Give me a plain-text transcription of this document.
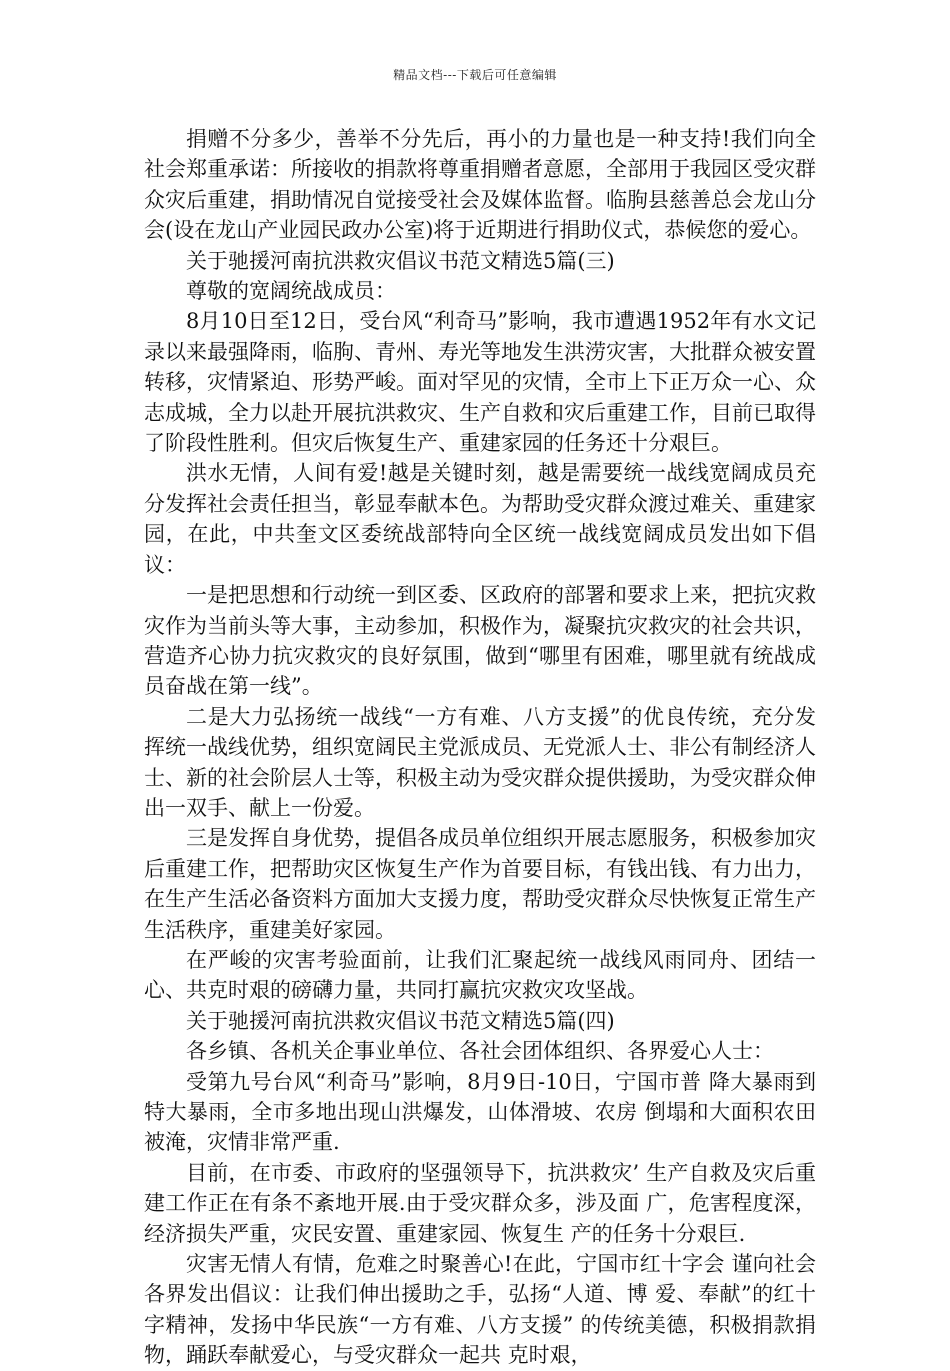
精品文档---下载后可任意编辑

捐赠不分多少，善举不分先后，再小的力量也是一种支持!我们向全社会郑重承诺：所接收的捐款将尊重捐赠者意愿，全部用于我园区受灾群众灾后重建，捐助情况自觉接受社会及媒体监督。临朐县慈善总会龙山分会(设在龙山产业园民政办公室)将于近期进行捐助仪式，恭候您的爱心。

关于驰援河南抗洪救灾倡议书范文精选5篇(三)

尊敬的宽阔统战成员：

8月10日至12日，受台风“利奇马”影响，我市遭遇1952年有水文记录以来最强降雨，临朐、青州、寿光等地发生洪涝灾害，大批群众被安置转移，灾情紧迫、形势严峻。面对罕见的灾情，全市上下正万众一心、众志成城，全力以赴开展抗洪救灾、生产自救和灾后重建工作，目前已取得了阶段性胜利。但灾后恢复生产、重建家园的任务还十分艰巨。

洪水无情，人间有爱!越是关键时刻，越是需要统一战线宽阔成员充分发挥社会责任担当，彰显奉献本色。为帮助受灾群众渡过难关、重建家园，在此，中共奎文区委统战部特向全区统一战线宽阔成员发出如下倡议：

一是把思想和行动统一到区委、区政府的部署和要求上来，把抗灾救灾作为当前头等大事，主动参加，积极作为，凝聚抗灾救灾的社会共识，营造齐心协力抗灾救灾的良好氛围，做到“哪里有困难，哪里就有统战成员奋战在第一线”。

二是大力弘扬统一战线“一方有难、八方支援”的优良传统，充分发挥统一战线优势，组织宽阔民主党派成员、无党派人士、非公有制经济人士、新的社会阶层人士等，积极主动为受灾群众提供援助，为受灾群众伸出一双手、献上一份爱。

三是发挥自身优势，提倡各成员单位组织开展志愿服务，积极参加灾后重建工作，把帮助灾区恢复生产作为首要目标，有钱出钱、有力出力，在生产生活必备资料方面加大支援力度，帮助受灾群众尽快恢复正常生产生活秩序，重建美好家园。

在严峻的灾害考验面前，让我们汇聚起统一战线风雨同舟、团结一心、共克时艰的磅礴力量，共同打赢抗灾救灾攻坚战。

关于驰援河南抗洪救灾倡议书范文精选5篇(四)

各乡镇、各机关企事业单位、各社会团体组织、各界爱心人士：

受第九号台风“利奇马”影响，8月9日-10日，宁国市普 降大暴雨到特大暴雨，全市多地出现山洪爆发，山体滑坡、农房 倒塌和大面积农田被淹，灾情非常严重.

目前，在市委、市政府的坚强领导下，抗洪救灾’ 生产自救及灾后重建工作正在有条不紊地开展.由于受灾群众多，涉及面 广，危害程度深，经济损失严重，灾民安置、重建家园、恢复生 产的任务十分艰巨.

灾害无情人有情，危难之时聚善心!在此，宁国市红十字会 谨向社会各界发出倡议：让我们伸出援助之手，弘扬“人道、博 爱、奉献”的红十字精神，发扬中华民族“一方有难、八方支援” 的传统美德，积极捐款捐物，踊跃奉献爱心，与受灾群众一起共 克时艰，
